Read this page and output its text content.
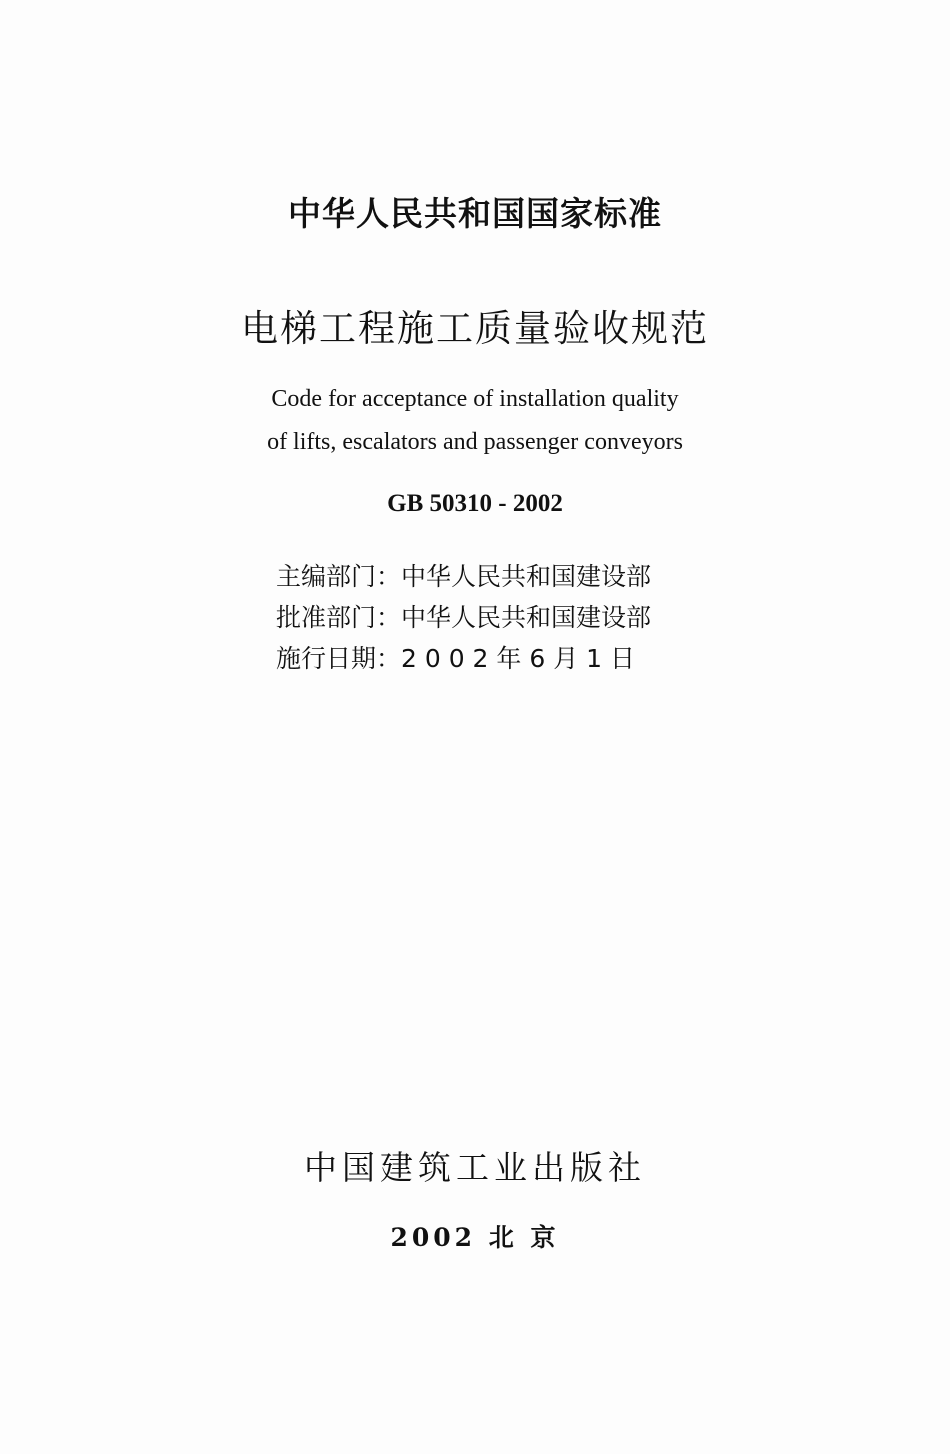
中华人民共和国国家标准
电梯工程施工质量验收规范
Code for acceptance of installation quality
of lifts, escalators and passenger conveyors
GB 50310 - 2002
主编部门：中华人民共和国建设部
批准部门：中华人民共和国建设部
施行日期：2 0 0 2 年 6 月 1 日
中国建筑工业出版社
2002 北 京
